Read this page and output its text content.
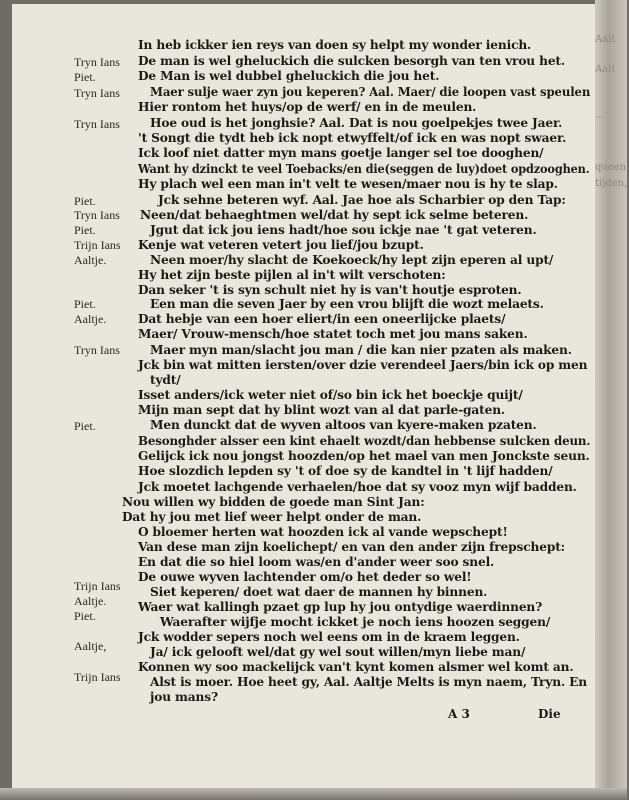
Aalt
Aalt
...
queen.
tijden,
Tryn Ians
Piet.
Tryn Ians
Tryn Ians
Piet.
Tryn Ians
Piet.
Trijn Ians
Aaltje.
Piet.
Aaltje.
Tryn Ians
Piet.
Trijn Ians
Aaltje.
Piet.
Aaltje,
Trijn Ians
In heb ickker ien reys van doen sy helpt my wonder ienich.
De man is wel gheluckich die sulcken besorgh van ten vrou het.
De Man is wel dubbel gheluckich die jou het.
Maer sulje waer zyn jou keperen? Aal. Maer/ die loopen vast speulen
Hier rontom het huys/op de werf/ en in de meulen.
Hoe oud is het jonghsie? Aal. Dat is nou goelpekjes twee Jaer.
't Songt die tydt heb ick nopt etwyffelt/of ick en was nopt swaer.
Ick loof niet datter myn mans goetje langer sel toe dooghen/
Want hy dzinckt te veel Toebacks/en die(seggen de luy)doet opdzooghen.
Hy plach wel een man in't velt te wesen/maer nou is hy te slap.
Jck sehne beteren wyf. Aal. Jae hoe als Scharbier op den Tap:
Neen/dat behaeghtmen wel/dat hy sept ick selme beteren.
Jgut dat ick jou iens hadt/hoe sou ickje nae 't gat veteren.
Kenje wat veteren vetert jou lief/jou bzupt.
Neen moer/hy slacht de Koekoeck/hy lept zijn eperen al upt/
Hy het zijn beste pijlen al in't wilt verschoten:
Dan seker 't is syn schult niet hy is van't houtje esproten.
Een man die seven Jaer by een vrou blijft die wozt melaets.
Dat hebje van een hoer eliert/in een oneerlijcke plaets/
Maer/ Vrouw-mensch/hoe statet toch met jou mans saken.
Maer myn man/slacht jou man / die kan nier pzaten als maken.
Jck bin wat mitten iersten/over dzie verendeel Jaers/bin ick op men
tydt/
Isset anders/ick weter niet of/so bin ick het boeckje quijt/
Mijn man sept dat hy blint wozt van al dat parle-gaten.
Men dunckt dat de wyven altoos van kyere-maken pzaten.
Besonghder alsser een kint ehaelt wozdt/dan hebbense sulcken deun.
Gelijck ick nou jongst hoozden/op het mael van men Jonckste seun.
Hoe slozdich lepden sy 't of doe sy de kandtel in 't lijf hadden/
Jck moetet lachgende verhaelen/hoe dat sy vooz myn wijf badden.
Nou willen wy bidden de goede man Sint Jan:
Dat hy jou met lief weer helpt onder de man.
O bloemer herten wat hoozden ick al vande wepschept!
Van dese man zijn koelichept/ en van den ander zijn frepschept:
En dat die so hiel loom was/en d'ander weer soo snel.
De ouwe wyven lachtender om/o het deder so wel!
Siet keperen/ doet wat daer de mannen hy binnen.
Waer wat kallingh pzaet gp lup hy jou ontydige waerdinnen?
Waerafter wijfje mocht ickket je noch iens hoozen seggen/
Jck wodder sepers noch wel eens om in de kraem leggen.
Ja/ ick gelooft wel/dat gy wel sout willen/myn liebe man/
Konnen wy soo mackelijck van't kynt komen alsmer wel komt an.
Alst is moer. Hoe heet gy, Aal. Aaltje Melts is myn naem, Tryn. En
jou mans?
A 3	Die
